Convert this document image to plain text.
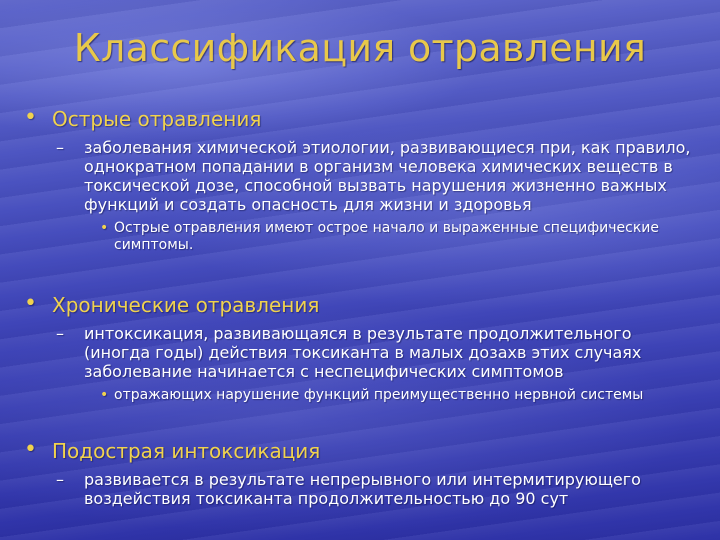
Классификация отравления
• Острые отравления
– заболевания химической этиологии, развивающиеся при, как правило, однократном попадании в организм человека химических веществ в токсической дозе, способной вызвать нарушения жизненно важных функций и создать опасность для жизни и здоровья
• Острые отравления имеют острое начало и выраженные специфические симптомы.
• Хронические отравления
– интоксикация, развивающаяся в результате продолжительного (иногда годы) действия токсиканта в малых дозахв этих случаях заболевание начинается с неспецифических симптомов
• отражающих нарушение функций преимущественно нервной системы
• Подострая интоксикация
– развивается в результате непрерывного или интермитирующего воздействия токсиканта продолжительностью до 90 сут
